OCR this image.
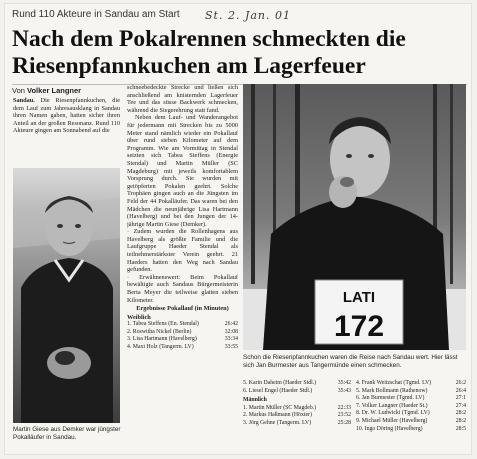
Rund 110 Akteure in Sandau am Start St. 2. Jan. 01
Nach dem Pokalrennen schmeckten die Riesenpfannkuchen am Lagerfeuer
Von Volker Langner
Sandau. Die Riesenpfannkuchen, die dem Lauf zum Jahresausklang in Sandau ihren Namen gaben, hatten sicher ihren Anteil an der großen Resonanz. Rund 110 Akteure gingen am Sonnabend auf die

Martin Giese aus Demker war jüngster Pokalläufer in Sandau.

schneebedeckte Strecke und ließen sich anschließend am knisternden Lagerfeuer Tee und das süsse Backwerk schmecken, während die Siegerehrung statt fand.

Neben dem Lauf- und Wanderangebot für jedermann mit Strecken bis zu 5000 Meter stand nämlich wieder ein Pokallauf über rund sieben Kilometer auf dem Programm. Wie am Vormittag in Stendal setzten sich Tabea Steffens (Energie Stendal) und Martin Müller (SC Magdeburg) mit jeweils komfortablem Vorsprung durch. Sie wurden mit getöpferten Pokalen geehrt. Solche Trophäen gingen auch an die Jüngsten im Feld der 44 Pokalläufer. Das waren bei den Mädchen die neunjährige Lisa Hartmann (Havelberg) und bei den Jungen der 14-jährige Martin Giese (Demker).

· Zudem wurden die Rollenhagens aus Havelberg als größte Familie und die Laufgruppe Haeder Stendal als teilnehmerstärkster Verein geehrt. 21 Haeders hatten den Weg nach Sandau gefunden.

· Erwähnenswert: Beim Pokallauf bewältigte auch Sandaus Bürgermeisterin Berta Meyer die teilweise glatten sieben Kilometer.

Ergebnisse Pokallauf (in Minuten)

Weiblich

1. Tabea Steffens (En. Stendal)	26:42
2. Roswitha Nickel (Berlin)	32:08
3. Lisa Hartmann (Havelberg)	33:34
4. Maxi Holz (Tangerm. LV)	33:55
LATI
172

Schon die Riesenpfannkuchen waren die Reise nach Sandau wert. Hier lässt sich Jan Burmester aus Tangermünde einen schmecken.

5. Karin Daheim (Haeder Stdl.)	35:42
6. Liesel Engel (Haeder Stdl.)	35:43
Männlich
1. Martin Müller (SC Magdeb.)	22:33
2. Markus Haßmann (Höxter)	23:52
3. Jörg Gehne (Tangerm. LV)	25:28
4. Frank Weitzschat (Tgmd. LV)	26:2
5. Mark Bollmann (Rathenow)	26:4
6. Jan Burmester (Tgmd. LV)	27:1
7. Volker Langner (Haeder St.)	27:4
8. Dr. W. Ludwicki (Tgmd. LV)	28:2
9. Michael Müller (Havelberg)	28:2
10. Ingo Döring (Havelberg)	28:5
